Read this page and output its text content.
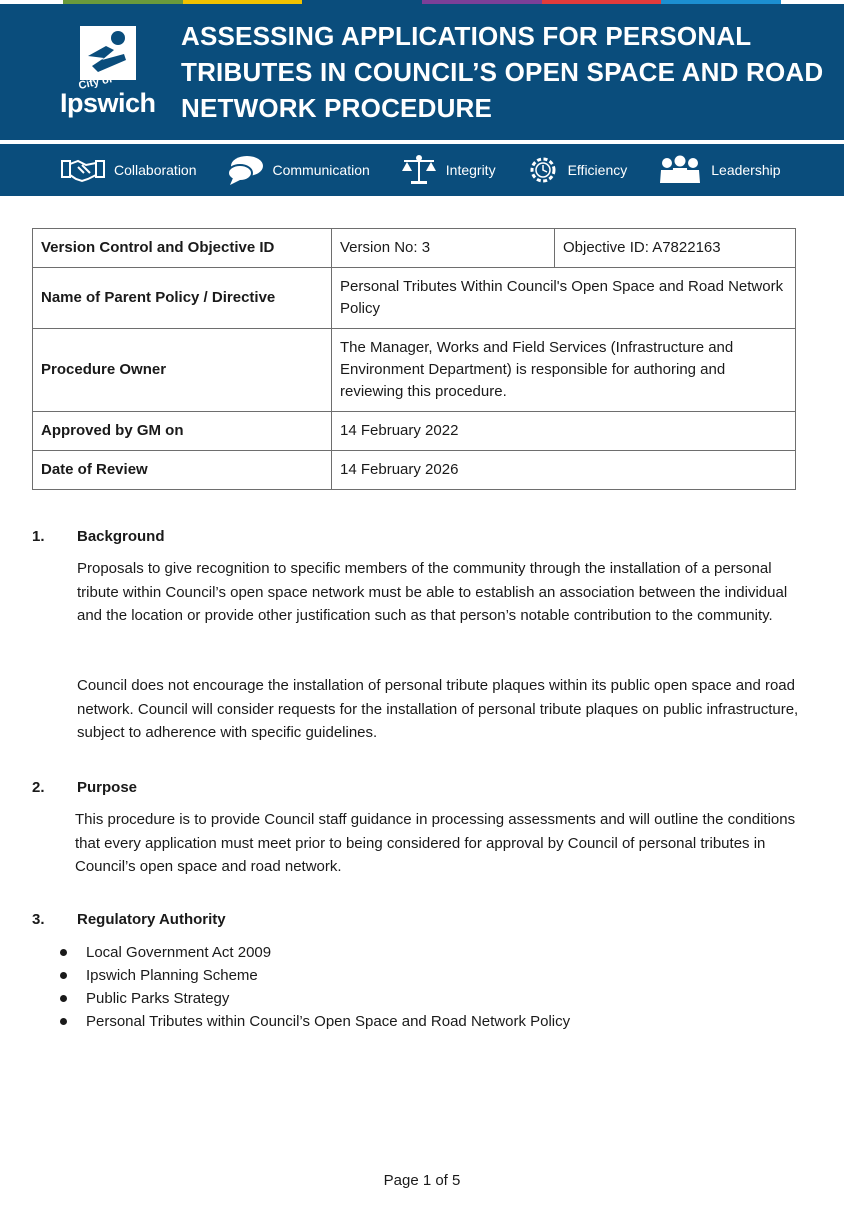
City of
Ipswich
ASSESSING APPLICATIONS FOR PERSONAL TRIBUTES IN COUNCIL’S OPEN SPACE AND ROAD NETWORK PROCEDURE
Collaboration	Communication	Integrity	Efficiency	Leadership
Version Control and Objective ID	Version No: 3	Objective ID: A7822163
Name of Parent Policy / Directive	Personal Tributes Within Council's Open Space and Road Network Policy	
Procedure Owner	The Manager, Works and Field Services (Infrastructure and Environment Department) is responsible for authoring and reviewing this procedure.	
Approved by GM on	14 February 2022	
Date of Review	14 February 2026	
1.	Background

Proposals to give recognition to specific members of the community through the installation of a personal tribute within Council’s open space network must be able to establish an association between the individual and the location or provide other justification such as that person’s notable contribution to the community.

Council does not encourage the installation of personal tribute plaques within its public open space and road network. Council will consider requests for the installation of personal tribute plaques on public infrastructure, subject to adherence with specific guidelines.

2.	Purpose

This procedure is to provide Council staff guidance in processing assessments and will outline the conditions that every application must meet prior to being considered for approval by Council of personal tributes in Council’s open space and road network.

3.	Regulatory Authority
Local Government Act 2009
Ipswich Planning Scheme
Public Parks Strategy
Personal Tributes within Council’s Open Space and Road Network Policy
Page 1 of 5
